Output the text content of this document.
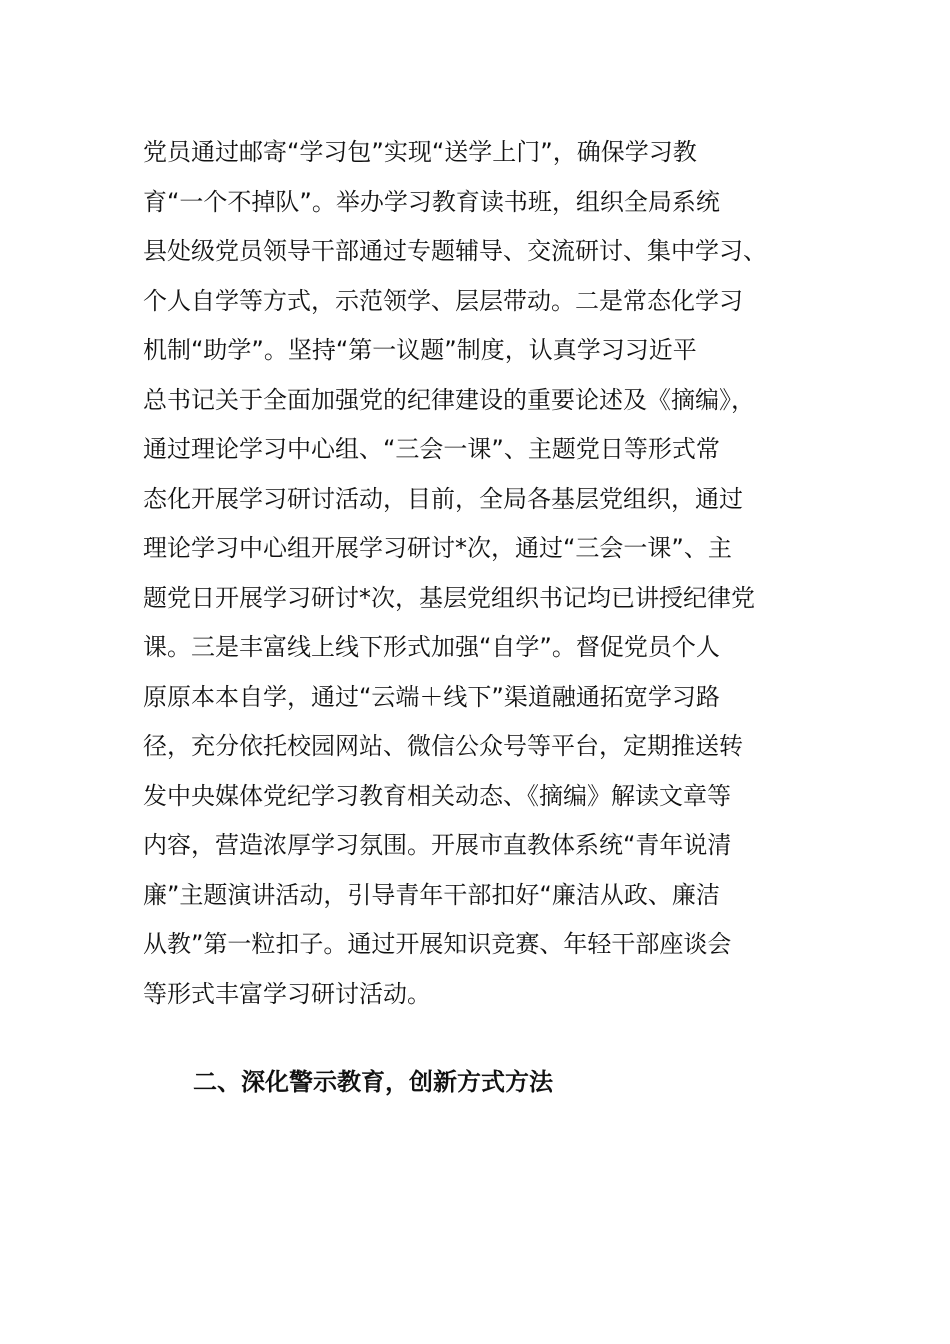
党员通过邮寄“学习包”实现“送学上门”，确保学习教
育“一个不掉队”。举办学习教育读书班，组织全局系统
县处级党员领导干部通过专题辅导、交流研讨、集中学习、
个人自学等方式，示范领学、层层带动。二是常态化学习
机制“助学”。坚持“第一议题”制度，认真学习习近平
总书记关于全面加强党的纪律建设的重要论述及《摘编》，
通过理论学习中心组、“三会一课”、主题党日等形式常
态化开展学习研讨活动，目前，全局各基层党组织，通过
理论学习中心组开展学习研讨*次，通过“三会一课”、主
题党日开展学习研讨*次，基层党组织书记均已讲授纪律党
课。三是丰富线上线下形式加强“自学”。督促党员个人
原原本本自学，通过“云端＋线下”渠道融通拓宽学习路
径，充分依托校园网站、微信公众号等平台，定期推送转
发中央媒体党纪学习教育相关动态、《摘编》解读文章等
内容，营造浓厚学习氛围。开展市直教体系统“青年说清
廉”主题演讲活动，引导青年干部扣好“廉洁从政、廉洁
从教”第一粒扣子。通过开展知识竞赛、年轻干部座谈会
等形式丰富学习研讨活动。
二、深化警示教育，创新方式方法
